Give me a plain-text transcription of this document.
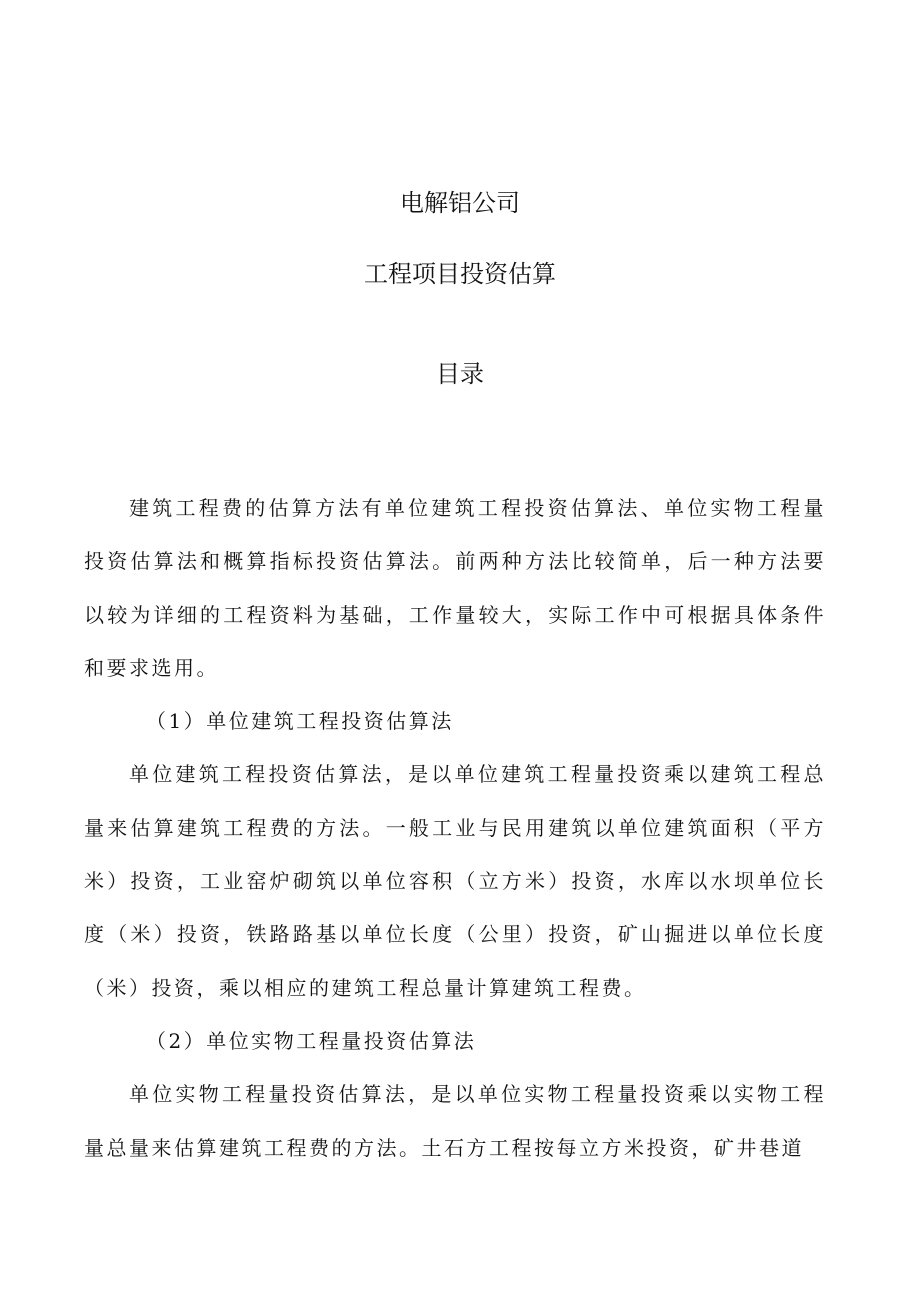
电解铝公司
工程项目投资估算
目录

建筑工程费的估算方法有单位建筑工程投资估算法、单位实物工程量投资估算法和概算指标投资估算法。前两种方法比较简单，后一种方法要以较为详细的工程资料为基础，工作量较大，实际工作中可根据具体条件和要求选用。

（1）单位建筑工程投资估算法

单位建筑工程投资估算法，是以单位建筑工程量投资乘以建筑工程总量来估算建筑工程费的方法。一般工业与民用建筑以单位建筑面积（平方米）投资，工业窑炉砌筑以单位容积（立方米）投资，水库以水坝单位长度（米）投资，铁路路基以单位长度（公里）投资，矿山掘进以单位长度（米）投资，乘以相应的建筑工程总量计算建筑工程费。

（2）单位实物工程量投资估算法

单位实物工程量投资估算法，是以单位实物工程量投资乘以实物工程量总量来估算建筑工程费的方法。土石方工程按每立方米投资，矿井巷道
